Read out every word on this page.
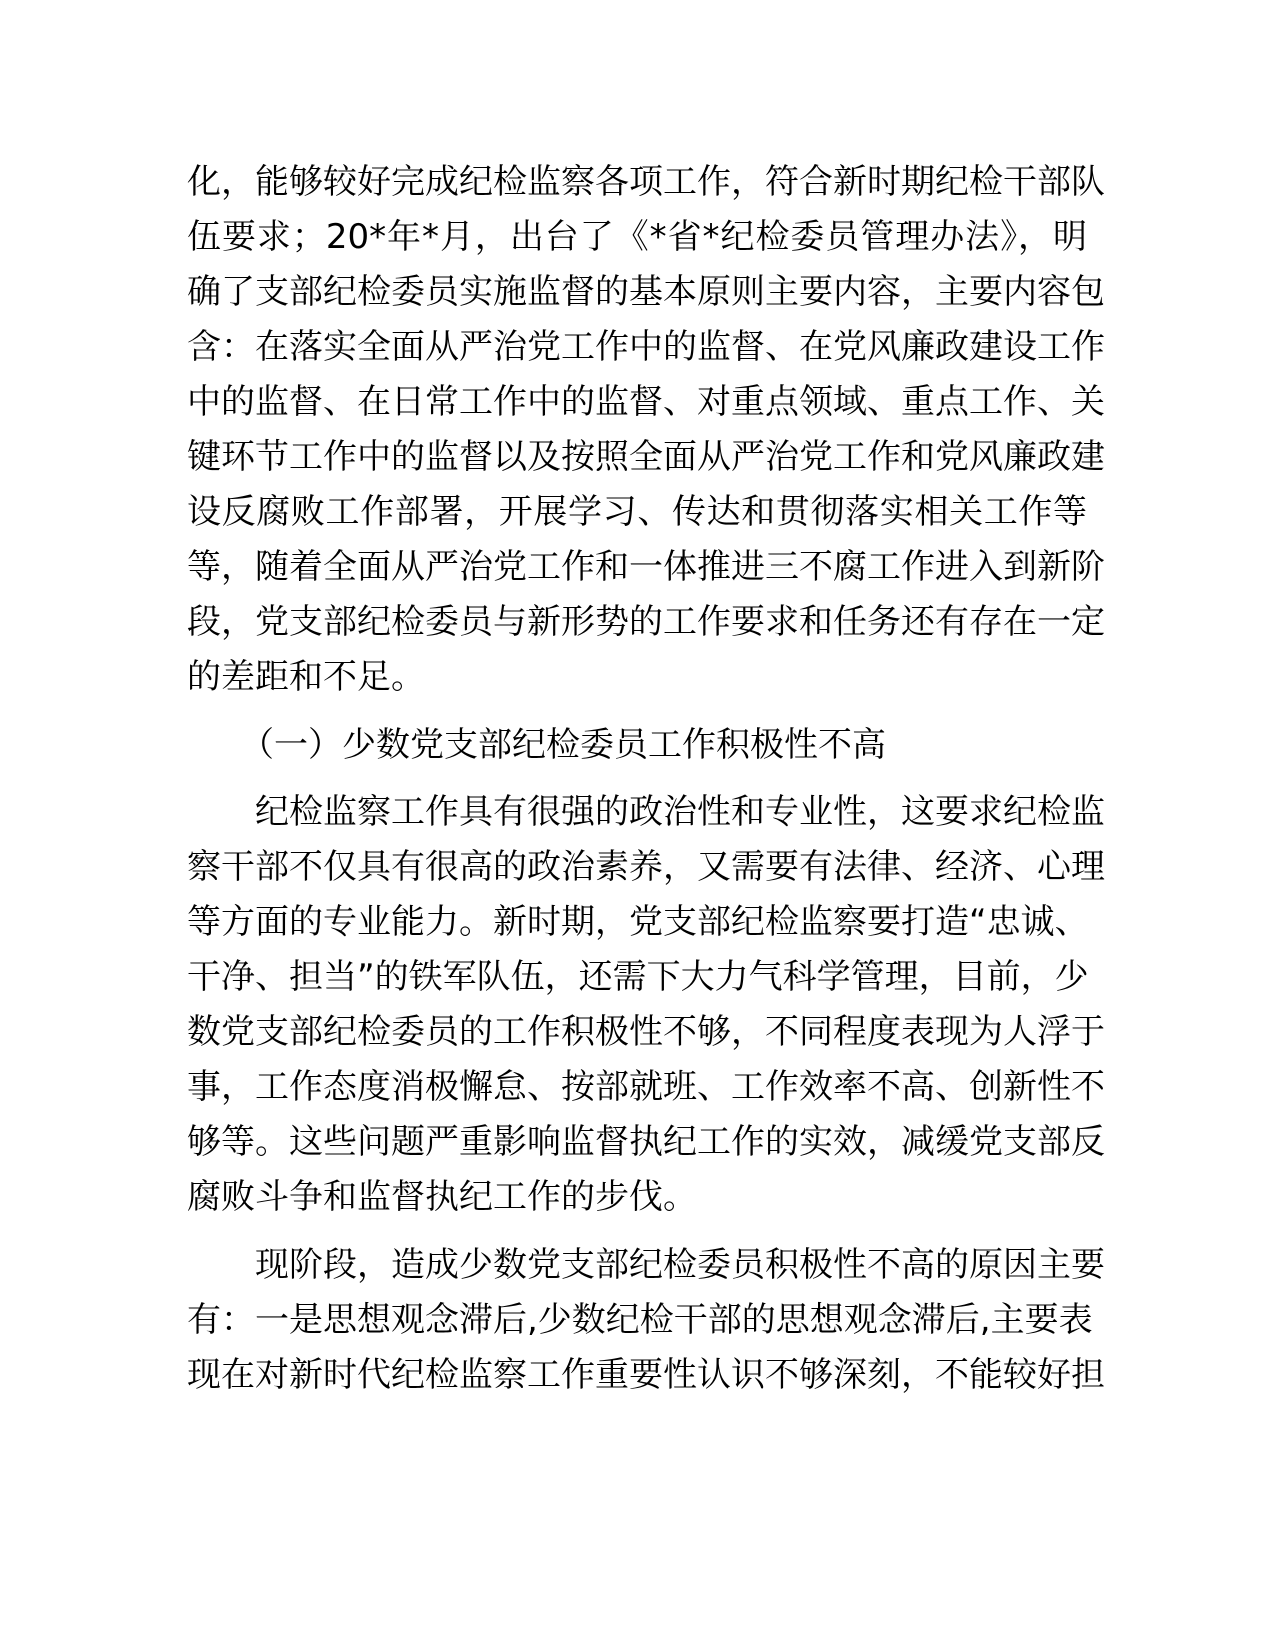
化，能够较好完成纪检监察各项工作，符合新时期纪检干部队
伍要求；20*年*月，出台了《*省*纪检委员管理办法》，明
确了支部纪检委员实施监督的基本原则主要内容，主要内容包
含：在落实全面从严治党工作中的监督、在党风廉政建设工作
中的监督、在日常工作中的监督、对重点领域、重点工作、关
键环节工作中的监督以及按照全面从严治党工作和党风廉政建
设反腐败工作部署，开展学习、传达和贯彻落实相关工作等
等，随着全面从严治党工作和一体推进三不腐工作进入到新阶
段，党支部纪检委员与新形势的工作要求和任务还有存在一定
的差距和不足。
（一）少数党支部纪检委员工作积极性不高
纪检监察工作具有很强的政治性和专业性，这要求纪检监
察干部不仅具有很高的政治素养，又需要有法律、经济、心理
等方面的专业能力。新时期，党支部纪检监察要打造“忠诚、
干净、担当”的铁军队伍，还需下大力气科学管理，目前，少
数党支部纪检委员的工作积极性不够，不同程度表现为人浮于
事，工作态度消极懈怠、按部就班、工作效率不高、创新性不
够等。这些问题严重影响监督执纪工作的实效，减缓党支部反
腐败斗争和监督执纪工作的步伐。
现阶段，造成少数党支部纪检委员积极性不高的原因主要
有：一是思想观念滞后,少数纪检干部的思想观念滞后,主要表
现在对新时代纪检监察工作重要性认识不够深刻，不能较好担
